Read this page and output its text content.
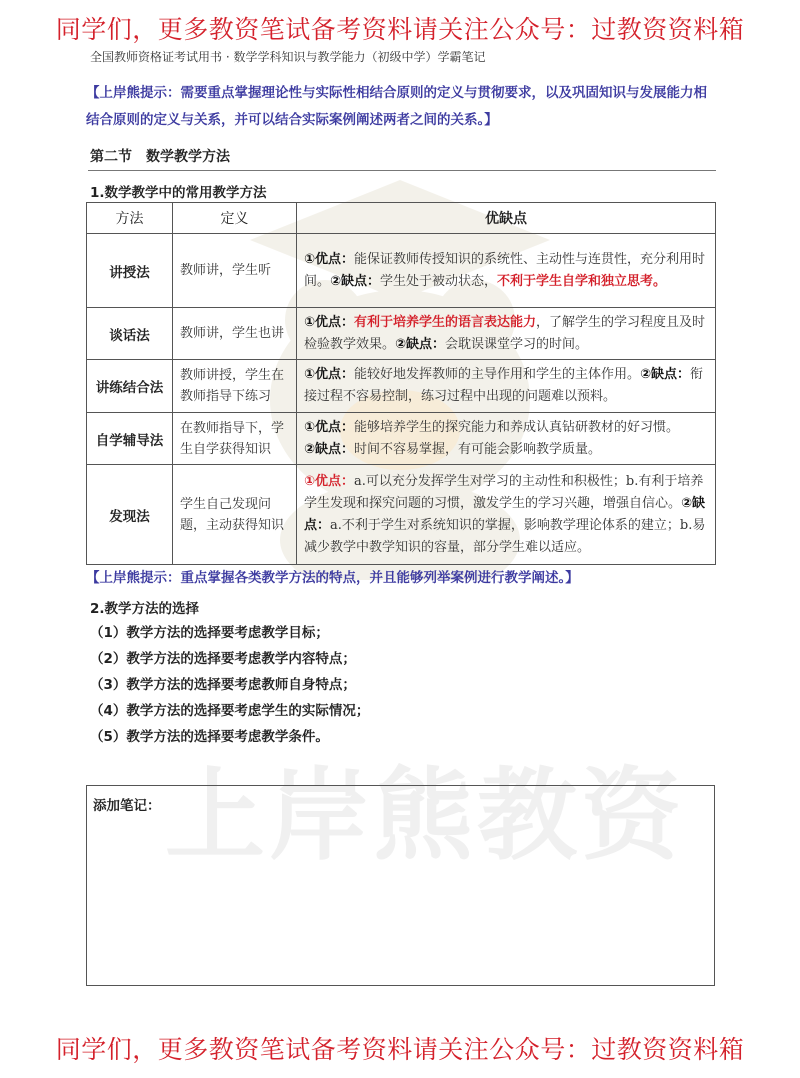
上岸熊教资
同学们，更多教资笔试备考资料请关注公众号：过教资资料箱
全国教师资格证考试用书 · 数学学科知识与教学能力（初级中学）学霸笔记
【上岸熊提示：需要重点掌握理论性与实际性相结合原则的定义与贯彻要求，以及巩固知识与发展能力相结合原则的定义与关系，并可以结合实际案例阐述两者之间的关系。】
第二节　数学教学方法
1.数学教学中的常用教学方法
方法	定义	优缺点
讲授法	教师讲，学生听	①优点：能保证教师传授知识的系统性、主动性与连贯性，充分利用时间。②缺点：学生处于被动状态，不利于学生自学和独立思考。
谈话法	教师讲，学生也讲	①优点：有利于培养学生的语言表达能力，了解学生的学习程度且及时检验教学效果。②缺点：会耽误课堂学习的时间。
讲练结合法	教师讲授，学生在教师指导下练习	①优点：能较好地发挥教师的主导作用和学生的主体作用。②缺点：衔接过程不容易控制，练习过程中出现的问题难以预料。
自学辅导法	在教师指导下，学生自学获得知识	①优点：能够培养学生的探究能力和养成认真钻研教材的好习惯。
②缺点：时间不容易掌握，有可能会影响教学质量。
发现法	学生自己发现问题，主动获得知识	①优点：a.可以充分发挥学生对学习的主动性和积极性；b.有利于培养学生发现和探究问题的习惯，激发学生的学习兴趣，增强自信心。②缺点：a.不利于学生对系统知识的掌握，影响教学理论体系的建立；b.易减少教学中教学知识的容量，部分学生难以适应。
【上岸熊提示：重点掌握各类教学方法的特点，并且能够列举案例进行教学阐述。】
2.教学方法的选择
（1）教学方法的选择要考虑教学目标；
（2）教学方法的选择要考虑教学内容特点；
（3）教学方法的选择要考虑教师自身特点；
（4）教学方法的选择要考虑学生的实际情况；
（5）教学方法的选择要考虑教学条件。
添加笔记：
同学们，更多教资笔试备考资料请关注公众号：过教资资料箱
